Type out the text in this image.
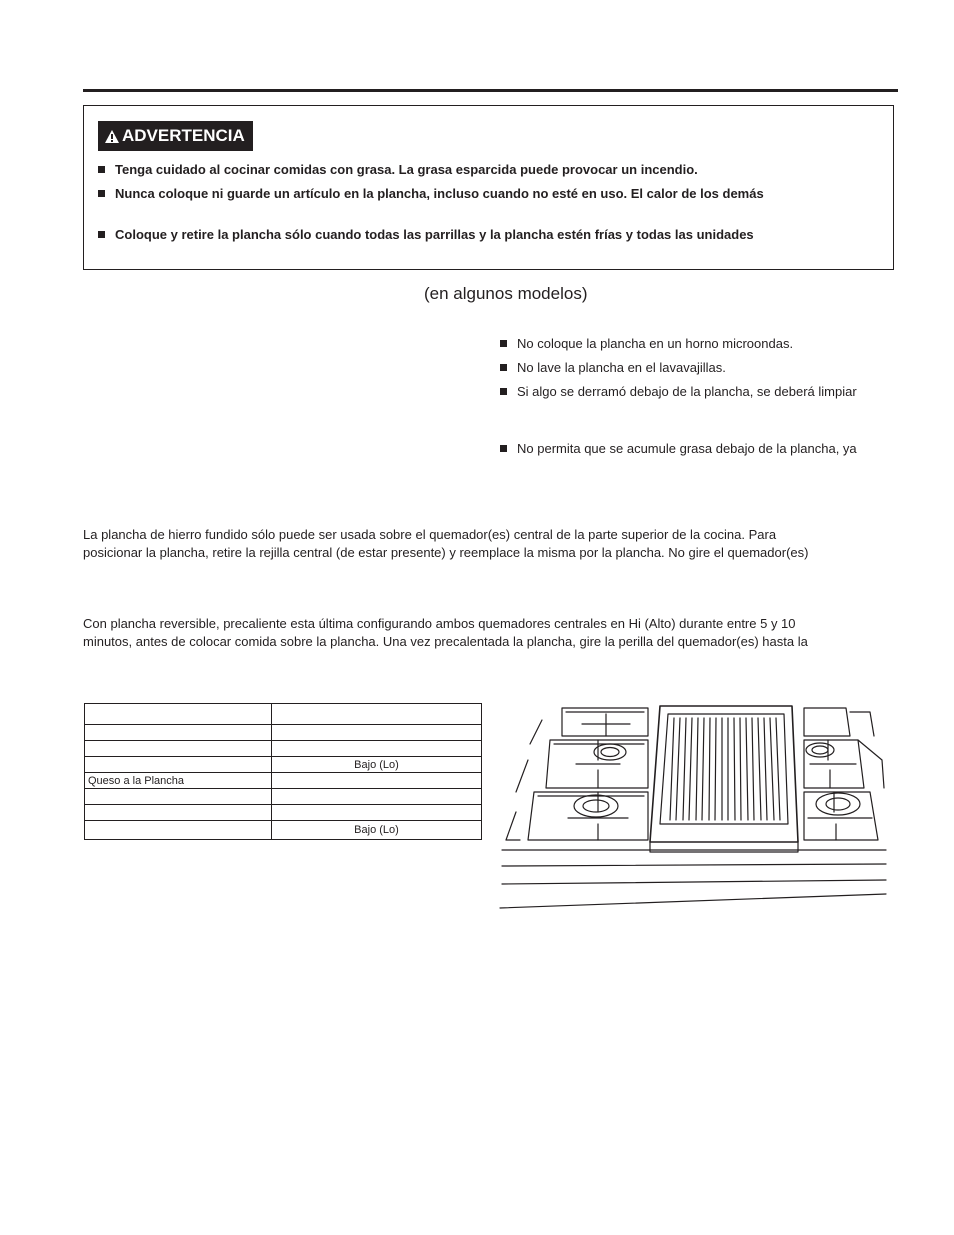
ADVERTENCIA
Tenga cuidado al cocinar comidas con grasa. La grasa esparcida puede provocar un incendio.
Nunca coloque ni guarde un artículo en la plancha, incluso cuando no esté en uso. El calor de los demás
Coloque y retire la plancha sólo cuando todas las parrillas y la plancha estén frías y todas las unidades
(en algunos modelos)
No coloque la plancha en un horno microondas.
No lave la plancha en el lavavajillas.
Si algo se derramó debajo de la plancha, se deberá limpiar
No permita que se acumule grasa debajo de la plancha, ya
La plancha de hierro fundido sólo puede ser usada sobre el quemador(es) central de la parte superior de la cocina. Para
posicionar la plancha, retire la rejilla central (de estar presente) y reemplace la misma por la plancha. No gire el quemador(es)
Con plancha reversible, precaliente esta última configurando ambos quemadores centrales en Hi (Alto) durante entre 5 y 10
minutos, antes de colocar comida sobre la plancha. Una vez precalentada la plancha, gire la perilla del quemador(es) hasta la

	Bajo (Lo)
Queso a la Plancha	

	Bajo (Lo)
